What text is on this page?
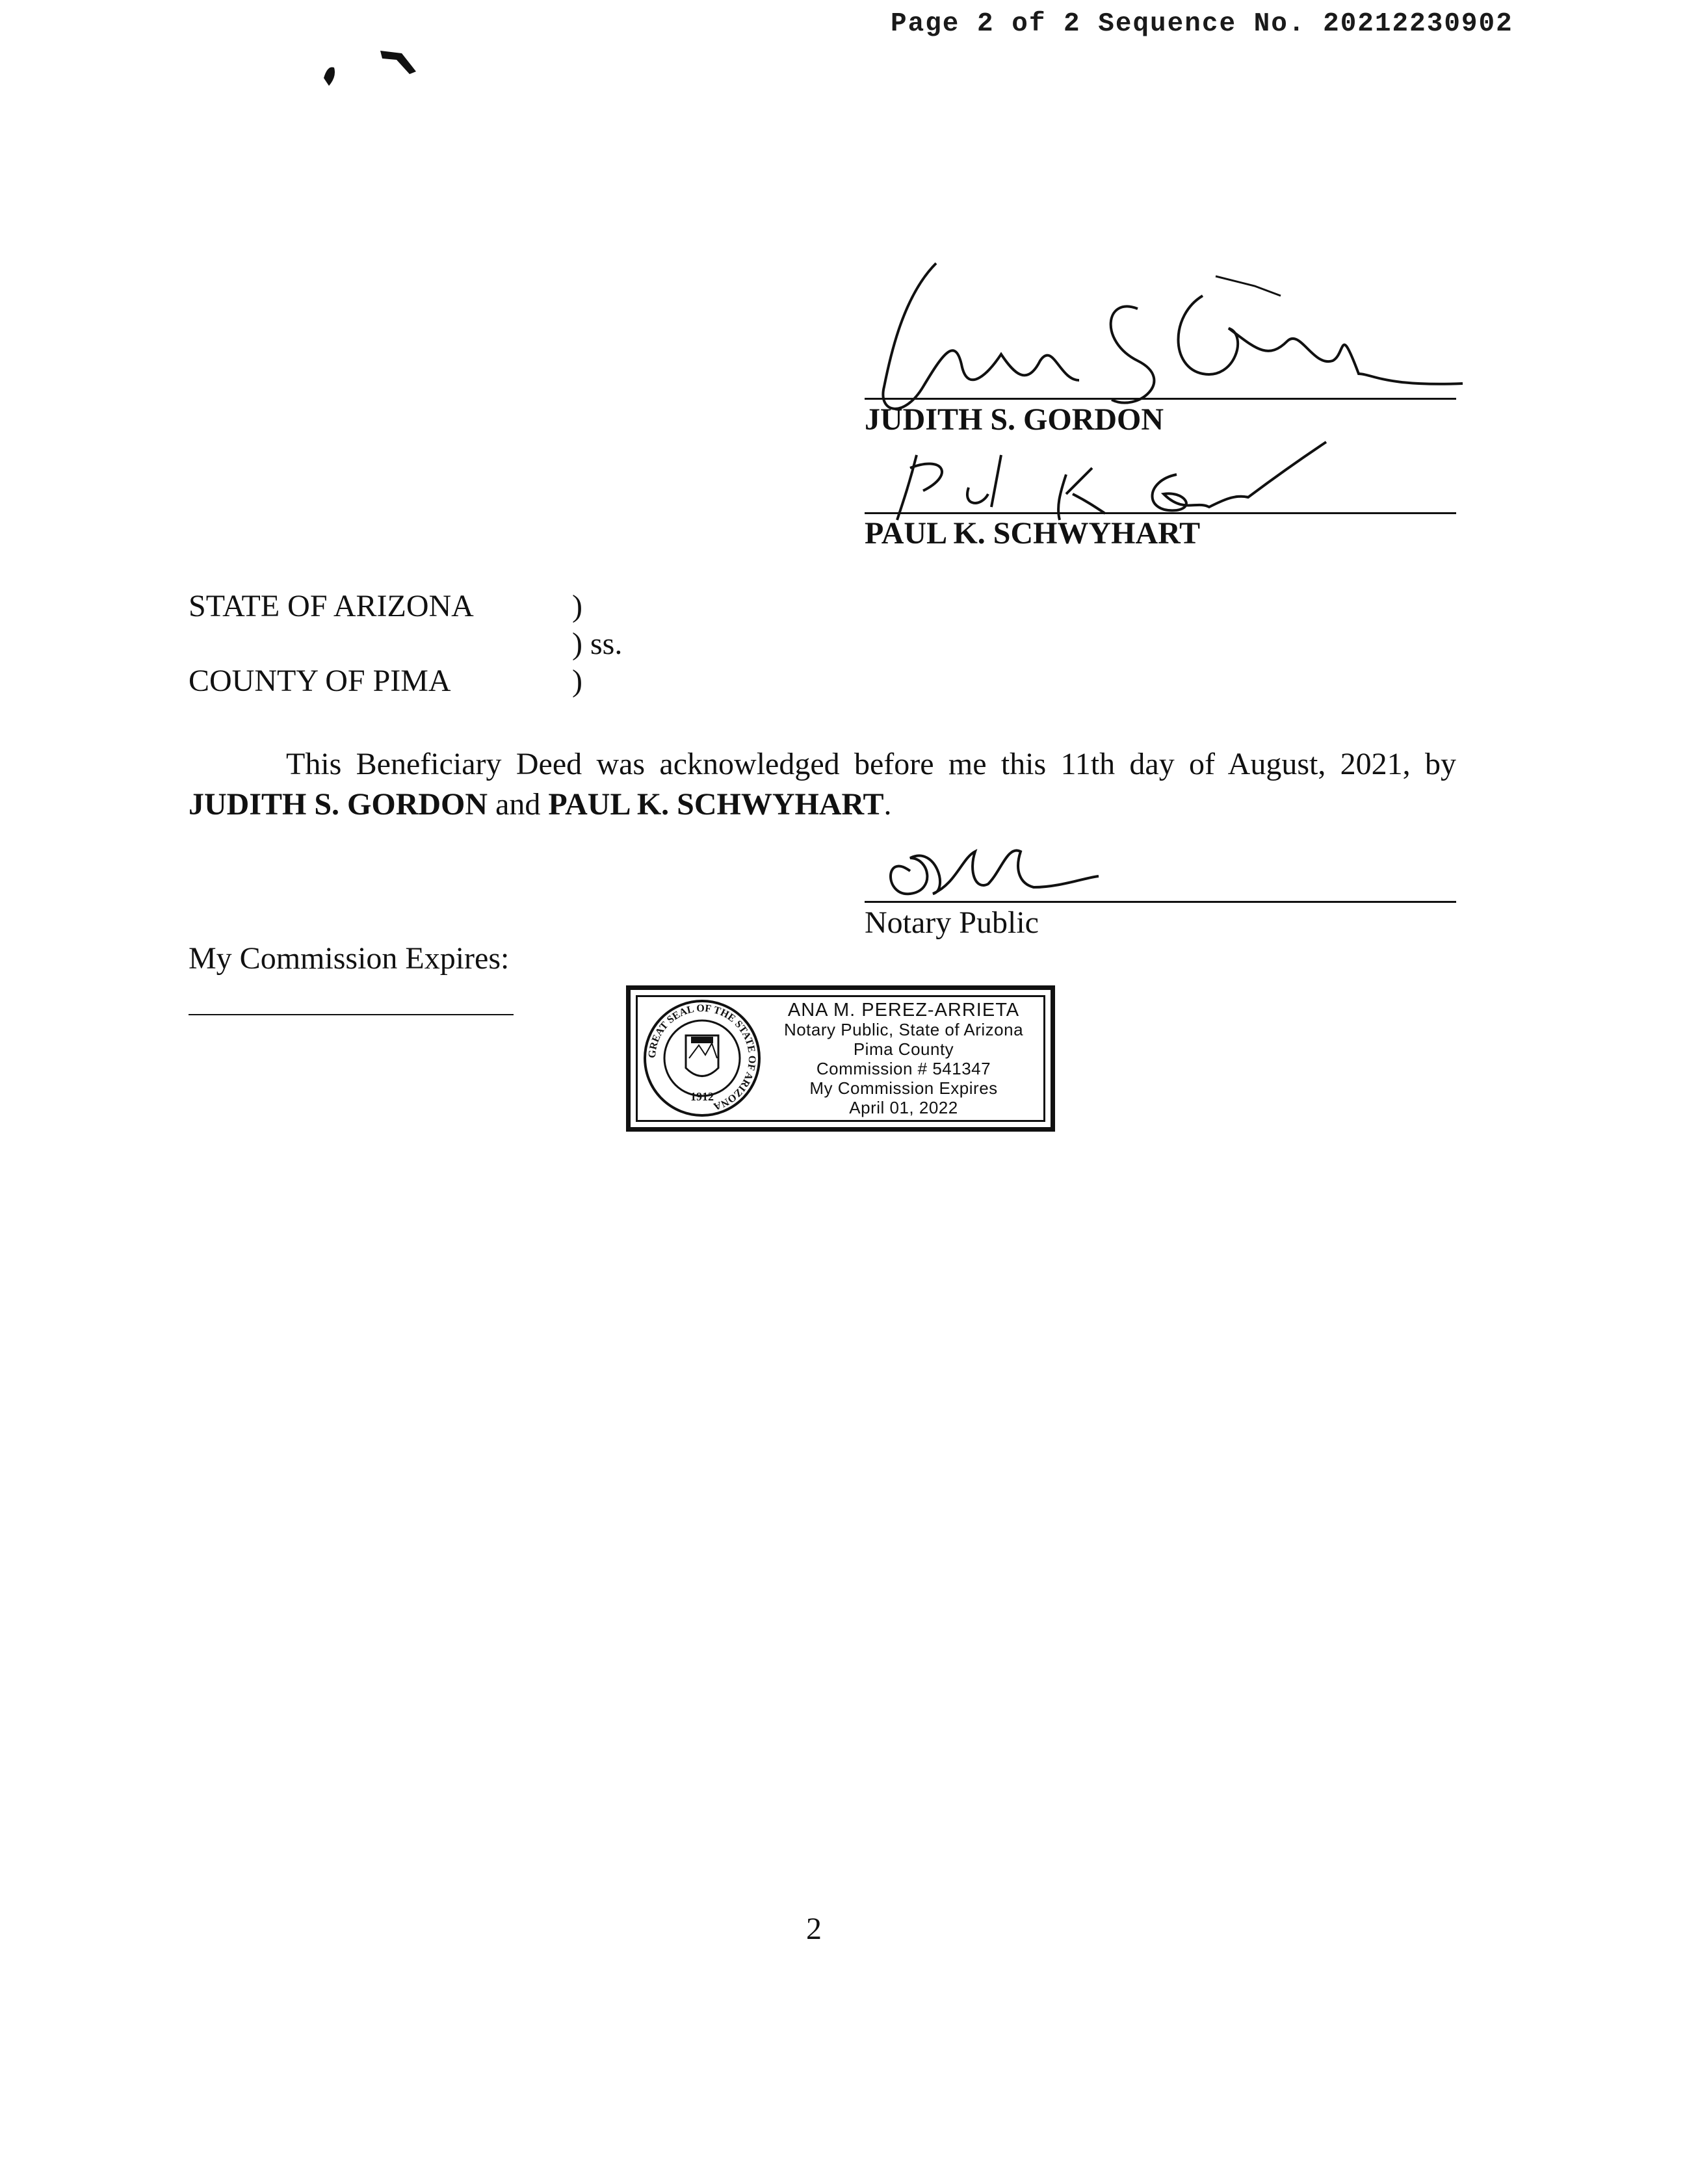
Page 2 of 2 Sequence No. 20212230902
JUDITH S. GORDON
PAUL K. SCHWYHART
STATE OF ARIZONA	)
) ss.
COUNTY OF PIMA	)
This Beneficiary Deed was acknowledged before me this 11th day of August, 2021, by JUDITH S. GORDON and PAUL K. SCHWYHART.
Notary Public
My Commission Expires:
GREAT SEAL OF THE STATE OF ARIZONA
1912
ANA M. PEREZ-ARRIETA
Notary Public, State of Arizona
Pima County
Commission # 541347
My Commission Expires
April 01, 2022
2
